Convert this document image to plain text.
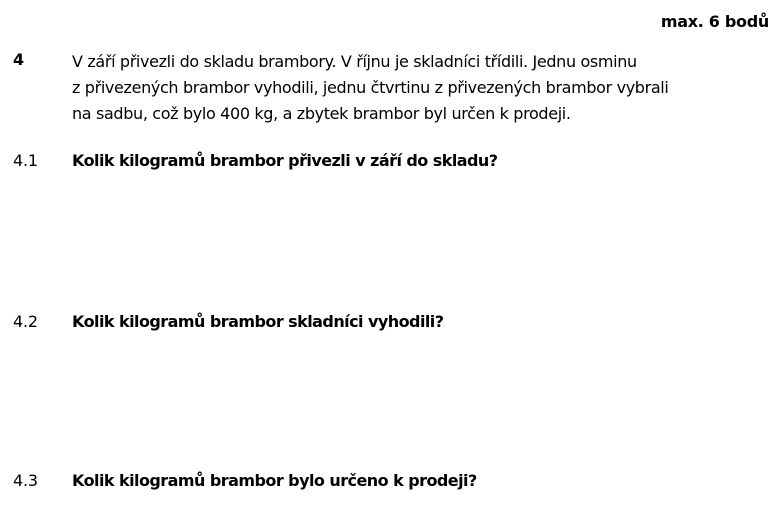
max. 6 bodů
4	V září přivezli do skladu brambory. V říjnu je skladníci třídili. Jednu osminu
z přivezených brambor vyhodili, jednu čtvrtinu z přivezených brambor vybrali
na sadbu, což bylo 400 kg, a zbytek brambor byl určen k prodeji.
4.1 Kolik kilogramů brambor přivezli v září do skladu?
4.2 Kolik kilogramů brambor skladníci vyhodili?
4.3 Kolik kilogramů brambor bylo určeno k prodeji?
